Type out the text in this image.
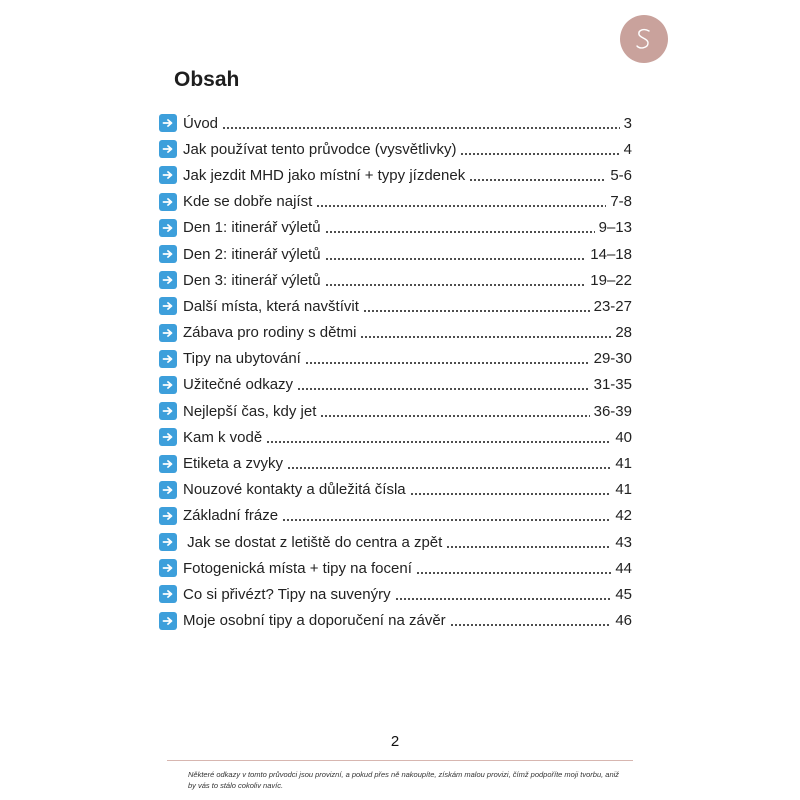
Obsah
Úvod	3
Jak používat tento průvodce (vysvětlivky)	4
Jak jezdit MHD jako místní + typy jízdenek	5-6
Kde se dobře najíst	7-8
Den 1: itinerář výletů	9–13
Den 2: itinerář výletů	14–18
Den 3: itinerář výletů	19–22
Další místa, která navštívit	23-27
Zábava pro rodiny s dětmi	28
Tipy na ubytování	29-30
Užitečné odkazy	31-35
Nejlepší čas, kdy jet	36-39
Kam k vodě	40
Etiketa a zvyky	41
Nouzové kontakty a důležitá čísla	41
Základní fráze	42
Jak se dostat z letiště do centra a zpět	43
Fotogenická místa + tipy na focení	44
Co si přivézt? Tipy na suvenýry	45
Moje osobní tipy a doporučení na závěr	46
2

Některé odkazy v tomto průvodci jsou provizní, a pokud přes ně nakoupíte, získám malou provizi, čímž podpoříte moji tvorbu, aniž by vás to stálo cokoliv navíc.
